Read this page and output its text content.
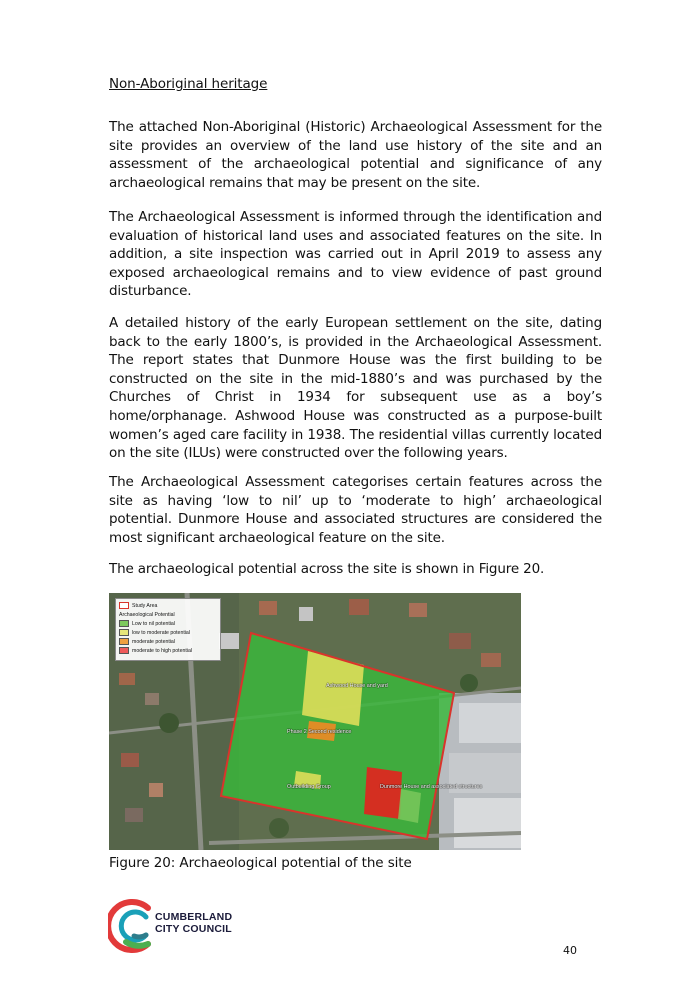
Non-Aboriginal heritage

The attached Non-Aboriginal (Historic) Archaeological Assessment for the site provides an overview of the land use history of the site and an assessment of the archaeological potential and significance of any archaeological remains that may be present on the site.

The Archaeological Assessment is informed through the identification and evaluation of historical land uses and associated features on the site. In addition, a site inspection was carried out in April 2019 to assess any exposed archaeological remains and to view evidence of past ground disturbance.

A detailed history of the early European settlement on the site, dating back to the early 1800’s, is provided in the Archaeological Assessment. The report states that Dunmore House was the first building to be constructed on the site in the mid-1880’s and was purchased by the Churches of Christ in 1934 for subsequent use as a boy’s home/orphanage. Ashwood House was constructed as a purpose-built women’s aged care facility in 1938. The residential villas currently located on the site (ILUs) were constructed over the following years.

The Archaeological Assessment categorises certain features across the site as having ‘low to nil’ up to ‘moderate to high’ archaeological potential. Dunmore House and associated structures are considered the most significant archaeological feature on the site.

The archaeological potential across the site is shown in Figure 20.

Study Area
Archaeological Potential
Low to nil potential
low to moderate potential
moderate potential
moderate to high potential
Ashwood House and yard
Phase 2 Second residence
Outbuilding Group	Dunmore House and associated structures
Figure 20: Archaeological potential of the site
CUMBERLAND
CITY COUNCIL
40
